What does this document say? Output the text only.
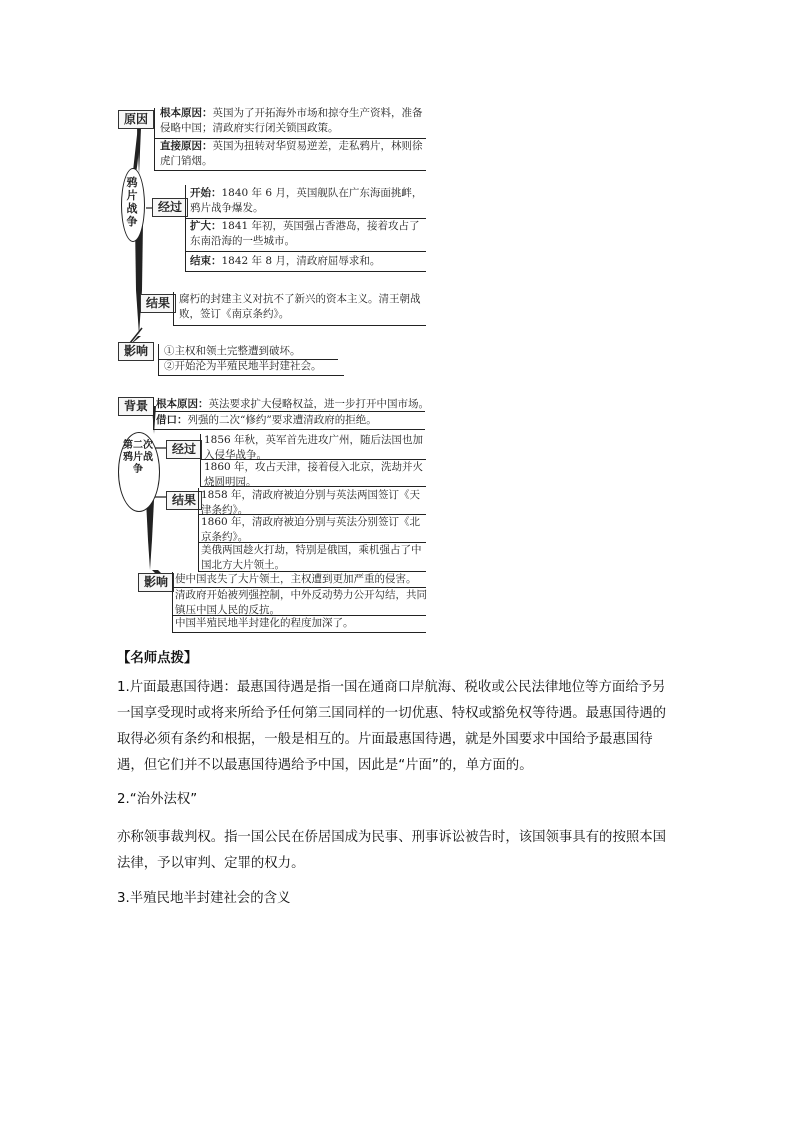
鸦片战争
原因	根本原因：英国为了开拓海外市场和掠夺生产资料，准备侵略中国；清政府实行闭关锁国政策。
直接原因：英国为扭转对华贸易逆差，走私鸦片，林则徐虎门销烟。
经过
开始：1840 年 6 月，英国舰队在广东海面挑衅，鸦片战争爆发。
扩大：1841 年初，英国强占香港岛，接着攻占了东南沿海的一些城市。
结束：1842 年 8 月，清政府屈辱求和。
结果 腐朽的封建主义对抗不了新兴的资本主义。清王朝战败，签订《南京条约》。
影响	①主权和领土完整遭到破坏。
②开始沦为半殖民地半封建社会。
第二次鸦片战争
背景 根本原因：英法要求扩大侵略权益，进一步打开中国市场。
借口：列强的二次“修约”要求遭清政府的拒绝。
经过
1856 年秋，英军首先进攻广州，随后法国也加入侵华战争。
1860 年，攻占天津，接着侵入北京，洗劫并火烧圆明园。
结果 1858 年，清政府被迫分别与英法两国签订《天津条约》。
1860 年，清政府被迫分别与英法分别签订《北京条约》。
美俄两国趁火打劫，特别是俄国，乘机强占了中国北方大片领土。
影响 使中国丧失了大片领土，主权遭到更加严重的侵害。
清政府开始被列强控制，中外反动势力公开勾结，共同镇压中国人民的反抗。
中国半殖民地半封建化的程度加深了。
【名师点拨】
1.片面最惠国待遇：最惠国待遇是指一国在通商口岸航海、税收或公民法律地位等方面给予另一国享受现时或将来所给予任何第三国同样的一切优惠、特权或豁免权等待遇。最惠国待遇的取得必须有条约和根据，一般是相互的。片面最惠国待遇，就是外国要求中国给予最惠国待遇，但它们并不以最惠国待遇给予中国，因此是“片面”的，单方面的。
2.“治外法权”
亦称领事裁判权。指一国公民在侨居国成为民事、刑事诉讼被告时，该国领事具有的按照本国法律，予以审判、定罪的权力。
3.半殖民地半封建社会的含义
